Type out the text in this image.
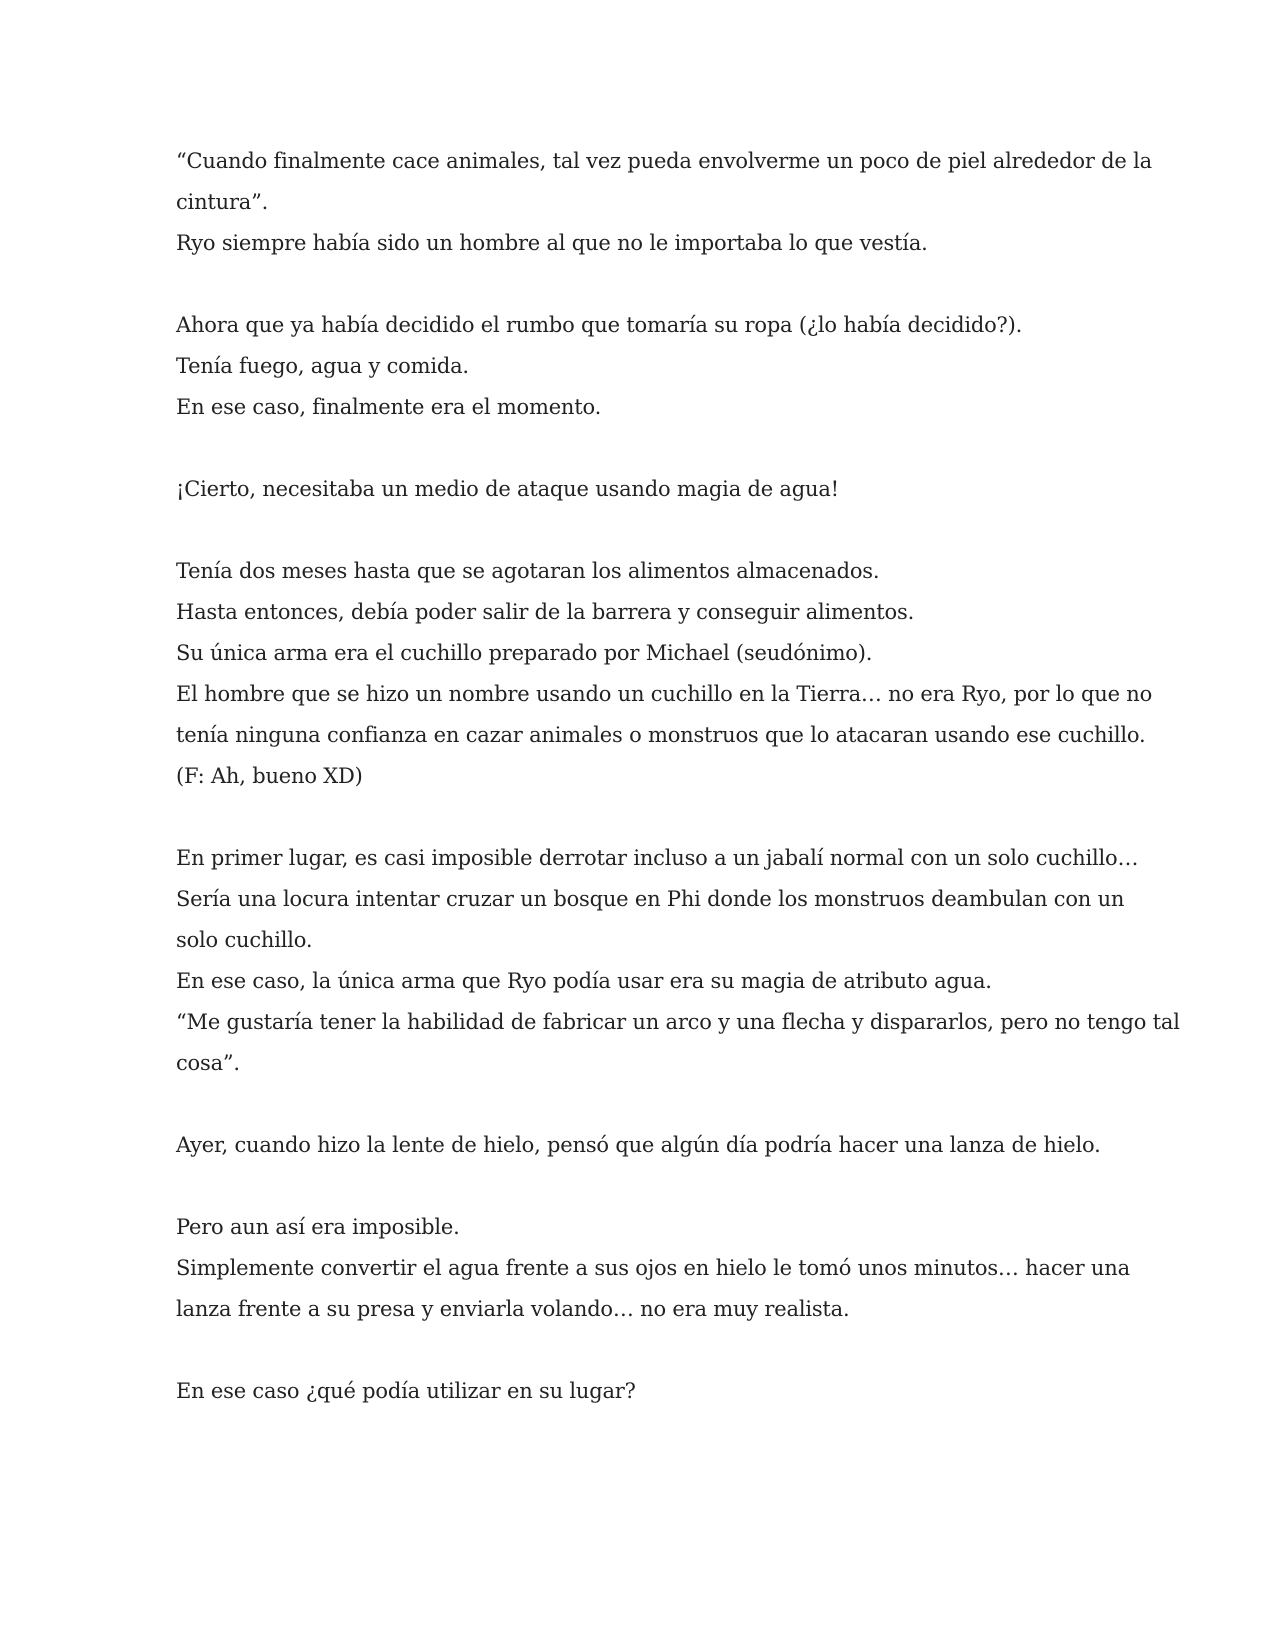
“Cuando finalmente cace animales, tal vez pueda envolverme un poco de piel alrededor de la
cintura”.
Ryo siempre había sido un hombre al que no le importaba lo que vestía.
Ahora que ya había decidido el rumbo que tomaría su ropa (¿lo había decidido?).
Tenía fuego, agua y comida.
En ese caso, finalmente era el momento.
¡Cierto, necesitaba un medio de ataque usando magia de agua!
Tenía dos meses hasta que se agotaran los alimentos almacenados.
Hasta entonces, debía poder salir de la barrera y conseguir alimentos.
Su única arma era el cuchillo preparado por Michael (seudónimo).
El hombre que se hizo un nombre usando un cuchillo en la Tierra… no era Ryo, por lo que no
tenía ninguna confianza en cazar animales o monstruos que lo atacaran usando ese cuchillo.
(F: Ah, bueno XD)
En primer lugar, es casi imposible derrotar incluso a un jabalí normal con un solo cuchillo…
Sería una locura intentar cruzar un bosque en Phi donde los monstruos deambulan con un
solo cuchillo.
En ese caso, la única arma que Ryo podía usar era su magia de atributo agua.
“Me gustaría tener la habilidad de fabricar un arco y una flecha y dispararlos, pero no tengo tal
cosa”.
Ayer, cuando hizo la lente de hielo, pensó que algún día podría hacer una lanza de hielo.
Pero aun así era imposible.
Simplemente convertir el agua frente a sus ojos en hielo le tomó unos minutos… hacer una
lanza frente a su presa y enviarla volando… no era muy realista.
En ese caso ¿qué podía utilizar en su lugar?
